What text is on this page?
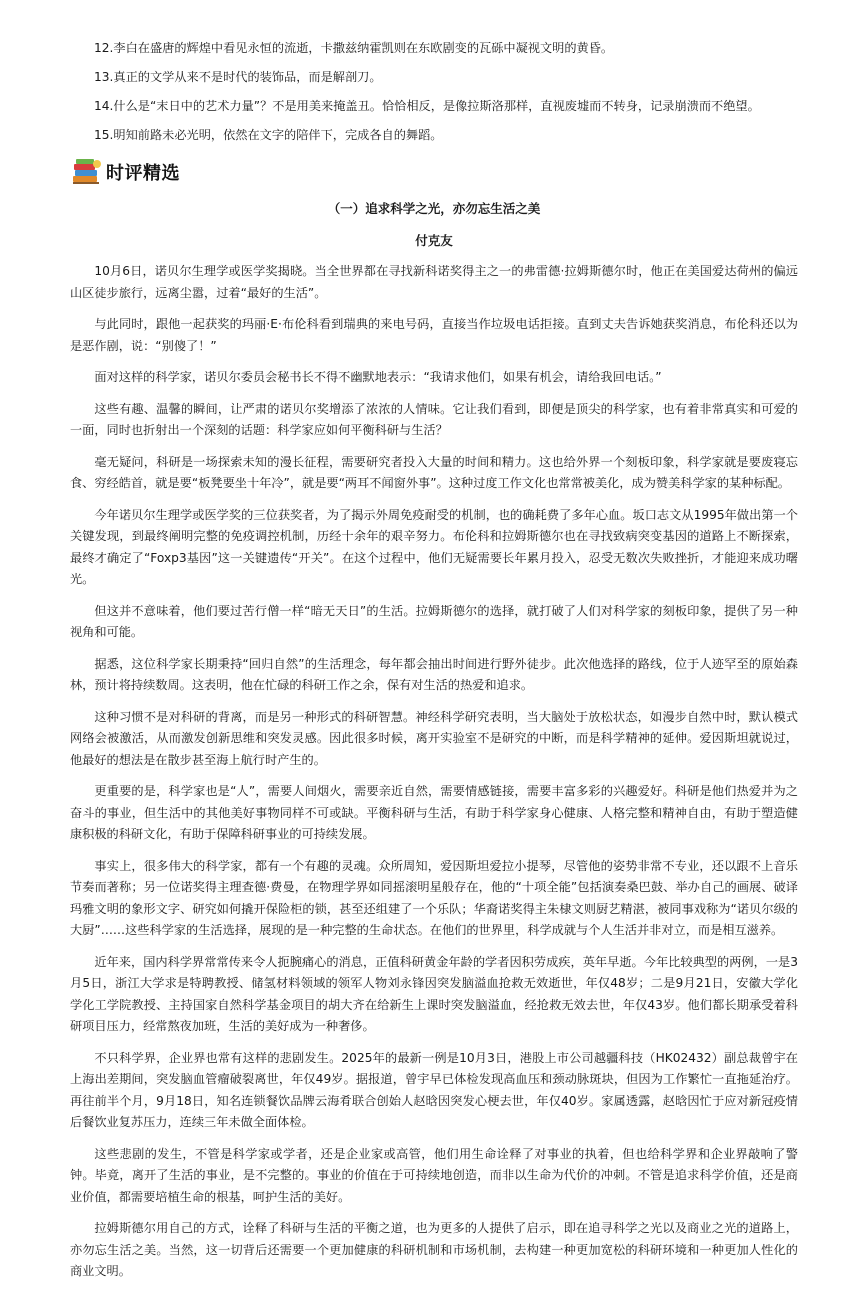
12.李白在盛唐的辉煌中看见永恒的流逝，卡撒兹纳霍凯则在东欧剧变的瓦砾中凝视文明的黄昏。

13.真正的文学从来不是时代的装饰品，而是解剖刀。

14.什么是“末日中的艺术力量”？不是用美来掩盖丑。恰恰相反，是像拉斯洛那样，直视废墟而不转身，记录崩溃而不绝望。

15.明知前路未必光明，依然在文字的陪伴下，完成各自的舞蹈。

时评精选

（一）追求科学之光，亦勿忘生活之美

付克友

10月6日，诺贝尔生理学或医学奖揭晓。当全世界都在寻找新科诺奖得主之一的弗雷德·拉姆斯德尔时，他正在美国爱达荷州的偏远山区徒步旅行，远离尘嚣，过着“最好的生活”。

与此同时，跟他一起获奖的玛丽·E·布伦科看到瑞典的来电号码，直接当作垃圾电话拒接。直到丈夫告诉她获奖消息，布伦科还以为是恶作剧，说：“别傻了！”

面对这样的科学家，诺贝尔委员会秘书长不得不幽默地表示：“我请求他们，如果有机会，请给我回电话。”

这些有趣、温馨的瞬间，让严肃的诺贝尔奖增添了浓浓的人情味。它让我们看到，即便是顶尖的科学家，也有着非常真实和可爱的一面，同时也折射出一个深刻的话题：科学家应如何平衡科研与生活？

毫无疑问，科研是一场探索未知的漫长征程，需要研究者投入大量的时间和精力。这也给外界一个刻板印象，科学家就是要废寝忘食、穷经皓首，就是要“板凳要坐十年冷”，就是要“两耳不闻窗外事”。这种过度工作文化也常常被美化，成为赞美科学家的某种标配。

今年诺贝尔生理学或医学奖的三位获奖者，为了揭示外周免疫耐受的机制，也的确耗费了多年心血。坂口志文从1995年做出第一个关键发现，到最终阐明完整的免疫调控机制，历经十余年的艰辛努力。布伦科和拉姆斯德尔也在寻找致病突变基因的道路上不断探索，最终才确定了“Foxp3基因”这一关键遗传“开关”。在这个过程中，他们无疑需要长年累月投入，忍受无数次失败挫折，才能迎来成功曙光。

但这并不意味着，他们要过苦行僧一样“暗无天日”的生活。拉姆斯德尔的选择，就打破了人们对科学家的刻板印象，提供了另一种视角和可能。

据悉，这位科学家长期秉持“回归自然”的生活理念，每年都会抽出时间进行野外徒步。此次他选择的路线，位于人迹罕至的原始森林，预计将持续数周。这表明，他在忙碌的科研工作之余，保有对生活的热爱和追求。

这种习惯不是对科研的背离，而是另一种形式的科研智慧。神经科学研究表明，当大脑处于放松状态，如漫步自然中时，默认模式网络会被激活，从而激发创新思维和突发灵感。因此很多时候，离开实验室不是研究的中断，而是科学精神的延伸。爱因斯坦就说过，他最好的想法是在散步甚至海上航行时产生的。

更重要的是，科学家也是“人”，需要人间烟火，需要亲近自然，需要情感链接，需要丰富多彩的兴趣爱好。科研是他们热爱并为之奋斗的事业，但生活中的其他美好事物同样不可或缺。平衡科研与生活，有助于科学家身心健康、人格完整和精神自由，有助于塑造健康积极的科研文化，有助于保障科研事业的可持续发展。

事实上，很多伟大的科学家，都有一个有趣的灵魂。众所周知，爱因斯坦爱拉小提琴，尽管他的姿势非常不专业，还以跟不上音乐节奏而著称；另一位诺奖得主理查德·费曼，在物理学界如同摇滚明星般存在，他的“十项全能”包括演奏桑巴鼓、举办自己的画展、破译玛雅文明的象形文字、研究如何撬开保险柜的锁，甚至还组建了一个乐队；华裔诺奖得主朱棣文则厨艺精湛，被同事戏称为“诺贝尔级的大厨”……这些科学家的生活选择，展现的是一种完整的生命状态。在他们的世界里，科学成就与个人生活并非对立，而是相互滋养。

近年来，国内科学界常常传来令人扼腕痛心的消息，正值科研黄金年龄的学者因积劳成疾，英年早逝。今年比较典型的两例，一是3月5日，浙江大学求是特聘教授、储氢材料领域的领军人物刘永锋因突发脑溢血抢救无效逝世，年仅48岁；二是9月21日，安徽大学化学化工学院教授、主持国家自然科学基金项目的胡大齐在给新生上课时突发脑溢血，经抢救无效去世，年仅43岁。他们都长期承受着科研项目压力，经常熬夜加班，生活的美好成为一种奢侈。

不只科学界，企业界也常有这样的悲剧发生。2025年的最新一例是10月3日，港股上市公司越疆科技（HK02432）副总裁曾宇在上海出差期间，突发脑血管瘤破裂离世，年仅49岁。据报道，曾宇早已体检发现高血压和颈动脉斑块，但因为工作繁忙一直拖延治疗。再往前半个月，9月18日，知名连锁餐饮品牌云海肴联合创始人赵晗因突发心梗去世，年仅40岁。家属透露，赵晗因忙于应对新冠疫情后餐饮业复苏压力，连续三年未做全面体检。

这些悲剧的发生，不管是科学家或学者，还是企业家或高管，他们用生命诠释了对事业的执着，但也给科学界和企业界敲响了警钟。毕竟，离开了生活的事业，是不完整的。事业的价值在于可持续地创造，而非以生命为代价的冲刺。不管是追求科学价值，还是商业价值，都需要培植生命的根基，呵护生活的美好。

拉姆斯德尔用自己的方式，诠释了科研与生活的平衡之道，也为更多的人提供了启示，即在追寻科学之光以及商业之光的道路上，亦勿忘生活之美。当然，这一切背后还需要一个更加健康的科研机制和市场机制，去构建一种更加宽松的科研环境和一种更加人性化的商业文明。
